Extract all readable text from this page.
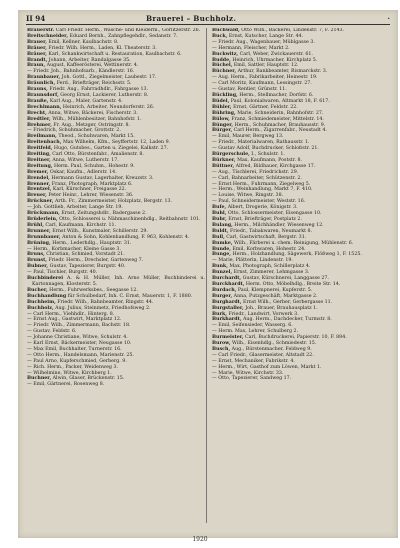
II 94	Brauerei – Buchholz.	·

Brauerstr. Carl Friedr. Herm., Wäsche- und Kleiderm., Görlitzerstr. 26.

Breitschneider, Eduard Bernh., Zahnpflegehdlr., Sedanstr. 7.

Brauer, Emil, Kellner, Kaulbachstr. 8.

Bräuer, Friedr. Wilh. Herm., Laden, Kl. Theaterstr. 3.

Bräuer, Karl, Schankwirtschaft u. Restauration, Kaulbachstr. 6.

Brandt, Johann, Arbeiter, Randalgasse 35.

Braun, August, Kaffeerösterei, Wettinerstr. 4.

— Friedr. Joh., Bahnhofsarb., Kändlerstr. 16.

Braunbauer, Joh. Gottl., Ziegelmeister, Laubestr. 17.

Bräunlich, Ferd., Briefträger, Reichsstr. 5.

Brauns, Friedr. Aug., Fahrradhdlr., Fahrgasse 13.

Braunsdorf, Georg Ernst, Lackierer, Lutherstr. 8.

Brauße, Karl Aug., Maler, Gartenstr. 4.

Brechlmann, Heinrich, Arbeiter, Neundorferstr. 26.

Brecht, Anna, Witwe, Bäckerei, Fischerstr. 3.

Bredtler, Wilh., Mühlenbesitzer, Bahnhofstr. 1.

Brehmer, Fr. Aug., Metzger, Ostringstr. 8.

— Friedrich, Schuhmacher, Grottstr. 2.

Breilmann, Theod., Schuhwaren, Markt 15.

Breitenbach, Max Wilhelm, Kfm., Seyffertstr. 12, Laden 9.

Breitfeld, Hugo, Gutsbes., Garten u. Ziegelei, Kalkstr. 27.

Breiting, Carl Otto, Bürstenfabr., Amalienstr. 8.

Breitner, Anna, Witwe, Lutherstr. 17.

Breitung, Herm. Paul, Schuhm., Hohestr. 9.

Bremer, Oskar, Kaufm., Adlerstr. 14.

Brendel, Hermann Gustav, Lagerhalter, Kreuzstr. 3.

Brenner, Franz, Photograph, Marktplatz 6.

Brentzel, Karl, Kürschner, Freigasse 22.

Breuer, Peter Heinr., Lehrer, Wiesenstr. 36.

Brückner, Arth. Fr., Zimmermeister, Holzplatz, Bergstr. 13.

— Joh. Gottlieb, Arbeiter, Lange Str. 19.

Brückmann, Ernst, Zeitungshdlr., Badergasse 2.

Brüderlein, Otto, Schlosserei u. Nähmaschinenhdlg., Reitbahnstr. 101.

Brühl, Carl, Kaufmann, Kirchstr. 11.

Brunner, Ernst Wilh., Kunstmaler, Schillerstr. 29.

Brunnbauer, Anton & Sohn, Kohlenhandlung, F. 963, Kohlenstr. 4.

Brüning, Herm., Lederhdlg., Hauptstr. 31.

— Herm., Korbmacher, Kleine Gasse 3.

Bruns, Christian, Schmied, Vorstadt 21.

Brunst, Friedr. Herm., Drechsler, Gartenweg 7.

Bubner, Gustav, Tapezierer, Burgstr. 40.

— Paul, Tischler, Burgstr. 40.

Buchbinderei A. & H. Müller, Inh. Arno Müller, Buchbinderei u. Kartonnagen, Klosterstr. 5.

Bucher, Herm., Fuhrwerksbes., Seegasse 12.

Buchhandlung für Schulbedarf, Inh. C. Ernst, Mauerstr. 1, F. 1880.

Buchheim, Friedr. Wilh., Bahnbeamter, Ringstr. 44.

Buchholz, Aug. Julius, Steinmetz, Friedhofsweg 2.

— Carl Herm., Viehhdlr., Hinterg. 8.

— Ernst Aug., Gastwirt, Marktplatz 12.

— Friedr. Wilh., Zimmermann, Bachstr. 18.

— Gustav, Feldstr. 6.

— Johanne Christiane, Witwe, Schulstr. 4.

— Karl Ernst, Bäckermeister, Neugasse 10.

— Max Emil, Buchhalter, Turnerstr. 16.

— Otto Herm., Handelsmann, Marienstr. 25.

— Paul Arno, Kupferschmied, Gerberg. 9.

— Rich. Herm., Packer, Weidenweg 3.

— Wilhelmine, Witwe, Kirchberg 1.

Buchner, Alwin, Glaser, Brückenstr. 15.

— Emil, Gärtnerei, Rosenweg 8.

Buchwald, Otto Wilh., Bäckerei, Lindenstr. 7, F. 2143.

Buck, Ernst, Kutscher, Lange Str. 44.

— Friedr. Aug., Wagenbauer, Mühlgasse 3.

— Hermann, Fleischer, Markt 2.

Buckwitz, Carl, Weber, Zwickauerstr. 61.

Budde, Heinrich, Uhrmacher, Kirchplatz 5.

Büchel, Emil, Sattler, Hauptstr. 12.

Büchner, Arthur, Bankbeamter, Bismarckstr. 3.

— Aug. Herm., Fabrikarbeiter, Heinestr. 19.

— Carl Moritz, Kaufmann, Lessingstr. 27.

— Gustav, Rentier, Grünstr. 11.

Bückling, Herm., Stellmacher, Dorfstr. 6.

Büdel, Paul, Kolonialwaren, Altmarkt 18, F. 617.

Bühler, Ernst, Gärtner, Feldstr. 22.

Bühring, Marie, Schneiderin, Bahnhofstr. 27.

Bülow, Franz, Schmiedemeister, Mittelstr. 14.

Bünger, Herm., Schuhmacher, Brauhausstr. 9.

Bürger, Carl Herm., Zigarrenfabr., Neustadt 4.

— Emil, Maurer, Bergweg 13.

— Friedr., Materialwaren, Rathausstr. 1.

— Gustav Adolf, Buchdrucker, Schloßstr. 21.

Bürgerschule, I., Schulstr. 1.

Bürkner, Max, Kaufmann, Poststr. 8.

Büttner, Alfred, Bildhauer, Kirchgasse 17.

— Aug., Tischlerei, Friedrichstr. 29.

— Carl, Bahnarbeiter, Schützenstr. 2.

— Ernst Herm., Fuhrmann, Ziegelweg 5.

— Herm., Weinhandlung, Markt 7, F. 410.

— Louise, Witwe, Ringstr. 38.

— Paul, Schneidermeister, Weststr. 16.

Bufe, Albert, Drogerie, Königstr. 3.

Buhl, Otto, Schlossermeister, Eisengasse 10.

Buhr, Ernst, Briefträger, Postplatz 2.

Bulang, Herm., Milchhändler, Wiesenweg 12.

Buldt, Friedr., Tabakwaren, Neumarkt 8.

Bull, Carl, Gastwirtschaft, Bergstr. 31.

Bumke, Wilh., Färberei u. chem. Reinigung, Mühlenstr. 6.

Bunde, Emil, Korbwaren, Hohestr. 24.

Bunge, Herm., Holzhandlung, Sägewerk, Flößweg 1, F. 1525.

— Marie, Plätterin, Lindenstr. 19.

Bunk, Max, Photograph, Schillerplatz 4.

Bunzel, Ernst, Zimmerer, Lehmgasse 3.

Burchardt, Gustav, Kürschnerei, Langgasse 27.

Burckhardt, Herm. Otto, Möbelhdlg., Breite Str. 14.

Burdach, Paul, Klempnerei, Kupferstr. 5.

Burger, Anna, Putzgeschäft, Marktgasse 2.

Burghardt, Ernst Wilh., Gerber, Gerbergasse 11.

Burgstaller, Joh., Brauer, Brauhausplatz 1.

Burk, Friedr., Landwirt, Vorwerk 3.

Burkhardt, Aug. Herm., Dachdecker, Turmstr. 8.

— Emil, Seifensieder, Wasserg. 6.

— Herm. Max, Lehrer, Schulberg 2.

Burmeister, Carl, Buchdruckerei, Papierstr. 10, F. 884.

Burow, Wilh., Eisenhdlg., Schmiedestr. 15.

Busch, Aug., Bürstenmacher, Feldweg 9.

— Carl Friedr., Glasermeister, Altstadt 22.

— Ernst, Mechaniker, Fabrikstr. 4.

— Herm., Wirt, Gasthof zum Löwen, Markt 1.

— Marie, Witwe, Kirchstr. 33.

— Otto, Tapezierer, Sandweg 17.

1920
